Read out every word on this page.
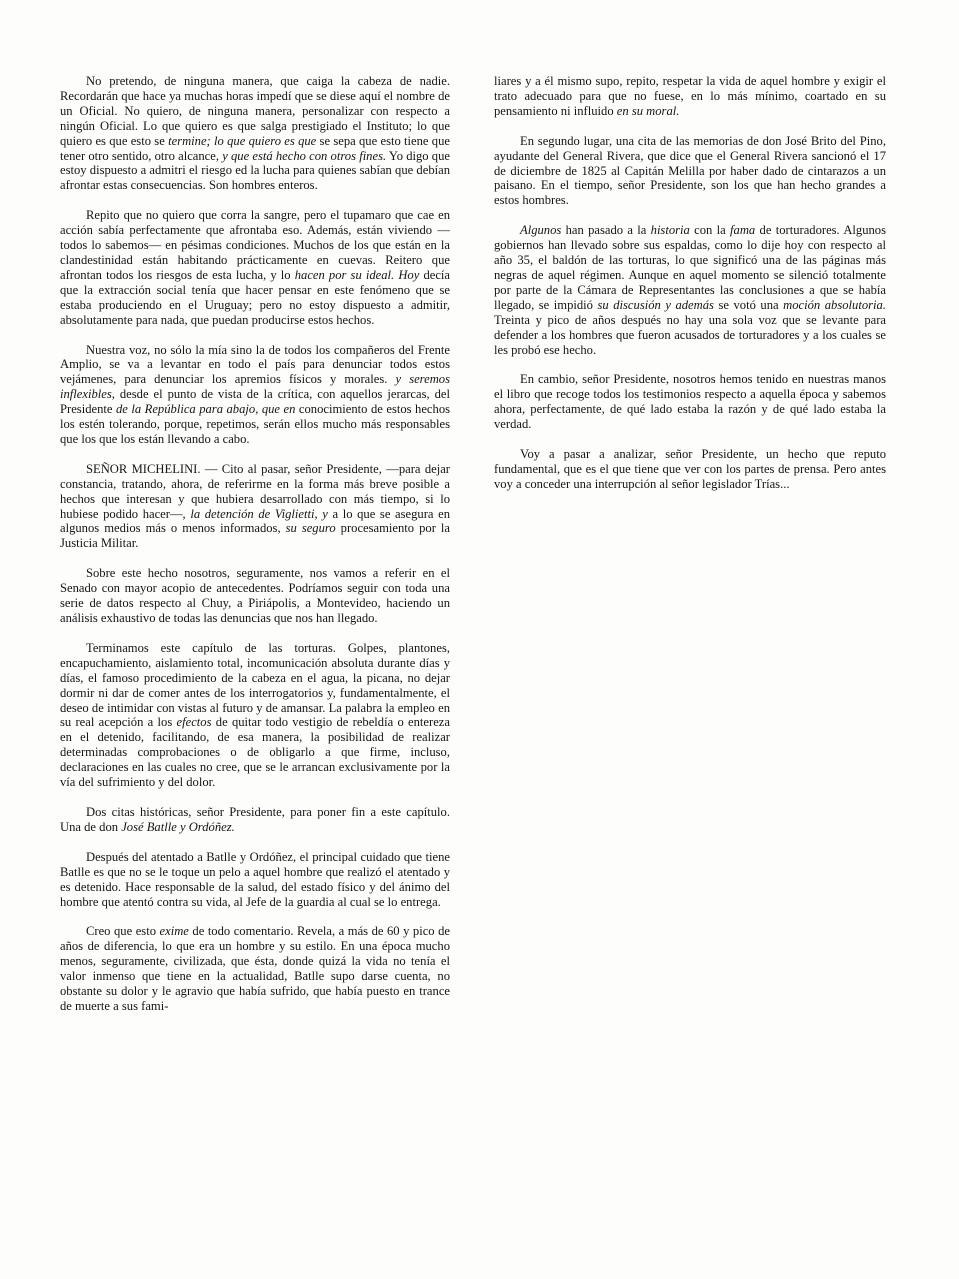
No pretendo, de ninguna manera, que caiga la cabeza de nadie. Recordarán que hace ya muchas horas impedí que se diese aquí el nombre de un Oficial. No quiero, de ninguna manera, personalizar con respecto a ningún Oficial. Lo que quiero es que salga prestigiado el Instituto; lo que quiero es que esto se termine; lo que quiero es que se sepa que esto tiene que tener otro sentido, otro alcance, y que está hecho con otros fines. Yo digo que estoy dispuesto a admitri el riesgo ed la lucha para quienes sabían que debían afrontar estas consecuencias. Son hombres enteros.

Repito que no quiero que corra la sangre, pero el tupamaro que cae en acción sabía perfectamente que afrontaba eso. Además, están viviendo —todos lo sabemos— en pésimas condiciones. Muchos de los que están en la clandestinidad están habitando prácticamente en cuevas. Reitero que afrontan todos los riesgos de esta lucha, y lo hacen por su ideal. Hoy decía que la extracción social tenía que hacer pensar en este fenómeno que se estaba produciendo en el Uruguay; pero no estoy dispuesto a admitir, absolutamente para nada, que puedan producirse estos hechos.

Nuestra voz, no sólo la mía sino la de todos los compañeros del Frente Amplio, se va a levantar en todo el país para denunciar todos estos vejámenes, para denunciar los apremios físicos y morales. y seremos inflexibles, desde el punto de vista de la crítica, con aquellos jerarcas, del Presidente de la República para abajo, que en conocimiento de estos hechos los estén tolerando, porque, repetimos, serán ellos mucho más responsables que los que los están llevando a cabo.

SEÑOR MICHELINI. — Cito al pasar, señor Presidente, —para dejar constancia, tratando, ahora, de referirme en la forma más breve posible a hechos que interesan y que hubiera desarrollado con más tiempo, si lo hubiese podido hacer—, la detención de Viglietti, y a lo que se asegura en algunos medios más o menos informados, su seguro procesamiento por la Justicia Militar.

Sobre este hecho nosotros, seguramente, nos vamos a referir en el Senado con mayor acopio de antecedentes. Podríamos seguir con toda una serie de datos respecto al Chuy, a Piriápolis, a Montevideo, haciendo un análisis exhaustivo de todas las denuncias que nos han llegado.

Terminamos este capítulo de las torturas. Golpes, plantones, encapuchamiento, aislamiento total, incomunicación absoluta durante días y días, el famoso procedimiento de la cabeza en el agua, la picana, no dejar dormir ni dar de comer antes de los interrogatorios y, fundamentalmente, el deseo de intimidar con vistas al futuro y de amansar. La palabra la empleo en su real acepción a los efectos de quitar todo vestigio de rebeldía o entereza en el detenido, facilitando, de esa manera, la posibilidad de realizar determinadas comprobaciones o de obligarlo a que firme, incluso, declaraciones en las cuales no cree, que se le arrancan exclusivamente por la vía del sufrimiento y del dolor.

Dos citas históricas, señor Presidente, para poner fin a este capítulo. Una de don José Batlle y Ordóñez.

Después del atentado a Batlle y Ordóñez, el principal cuidado que tiene Batlle es que no se le toque un pelo a aquel hombre que realizó el atentado y es detenido. Hace responsable de la salud, del estado físico y del ánimo del hombre que atentó contra su vida, al Jefe de la guardia al cual se lo entrega.

Creo que esto exime de todo comentario. Revela, a más de 60 y pico de años de diferencia, lo que era un hombre y su estilo. En una época mucho menos, seguramente, civilizada, que ésta, donde quizá la vida no tenía el valor inmenso que tiene en la actualidad, Batlle supo darse cuenta, no obstante su dolor y le agravio que había sufrido, que había puesto en trance de muerte a sus fami-

liares y a él mismo supo, repito, respetar la vida de aquel hombre y exigir el trato adecuado para que no fuese, en lo más mínimo, coartado en su pensamiento ni influido en su moral.

En segundo lugar, una cita de las memorias de don José Brito del Pino, ayudante del General Rivera, que dice que el General Rivera sancionó el 17 de diciembre de 1825 al Capitán Melilla por haber dado de cintarazos a un paisano. En el tiempo, señor Presidente, son los que han hecho grandes a estos hombres.

Algunos han pasado a la historia con la fama de torturadores. Algunos gobiernos han llevado sobre sus espaldas, como lo dije hoy con respecto al año 35, el baldón de las torturas, lo que significó una de las páginas más negras de aquel régimen. Aunque en aquel momento se silenció totalmente por parte de la Cámara de Representantes las conclusiones a que se había llegado, se impidió su discusión y además se votó una moción absolutoria. Treinta y pico de años después no hay una sola voz que se levante para defender a los hombres que fueron acusados de torturadores y a los cuales se les probó ese hecho.

En cambio, señor Presidente, nosotros hemos tenido en nuestras manos el libro que recoge todos los testimonios respecto a aquella época y sabemos ahora, perfectamente, de qué lado estaba la razón y de qué lado estaba la verdad.

Voy a pasar a analizar, señor Presidente, un hecho que reputo fundamental, que es el que tiene que ver con los partes de prensa. Pero antes voy a conceder una interrupción al señor legislador Trías...
